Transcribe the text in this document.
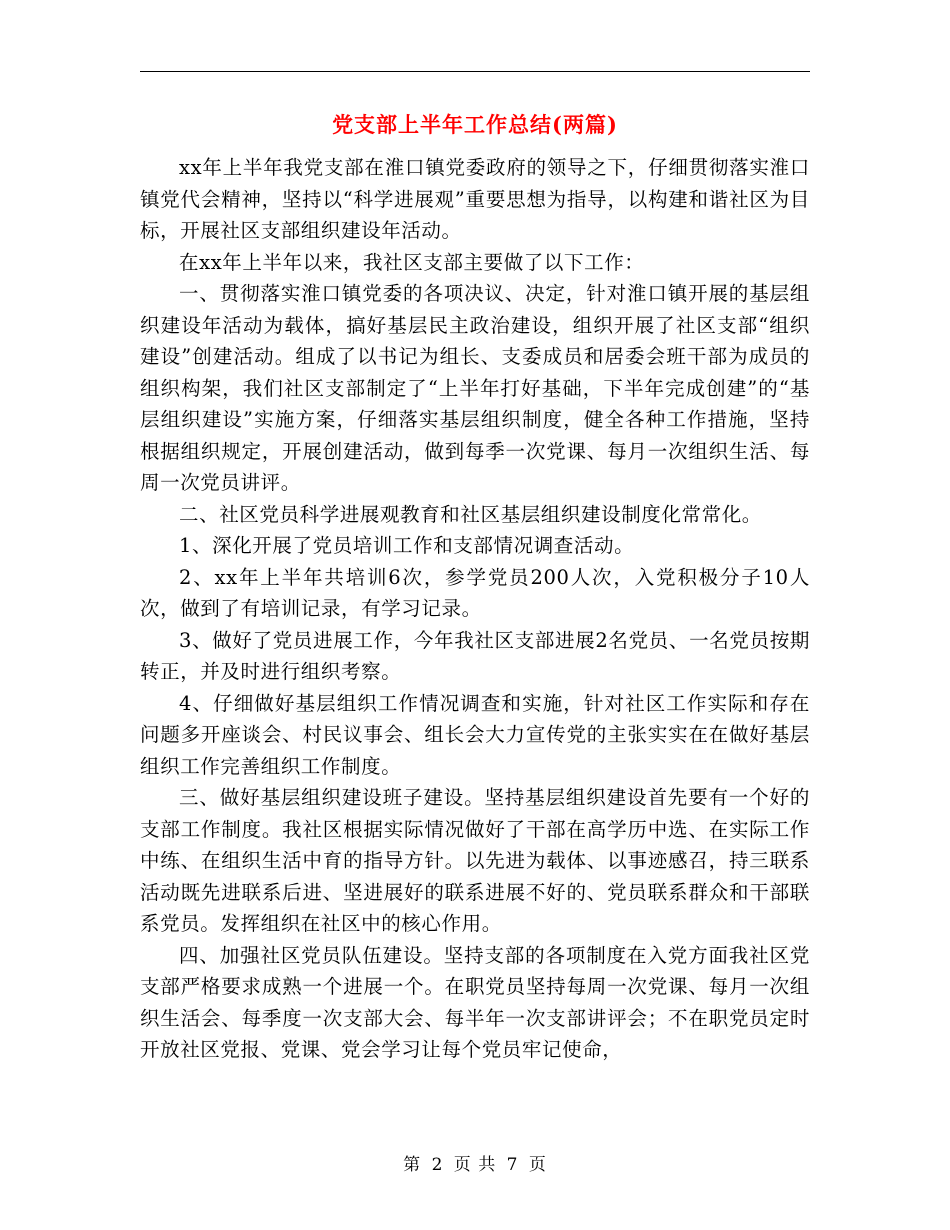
党支部上半年工作总结(两篇)

xx年上半年我党支部在淮口镇党委政府的领导之下，仔细贯彻落实淮口镇党代会精神，坚持以“科学进展观”重要思想为指导，以构建和谐社区为目标，开展社区支部组织建设年活动。

在xx年上半年以来，我社区支部主要做了以下工作：

一、贯彻落实淮口镇党委的各项决议、决定，针对淮口镇开展的基层组织建设年活动为载体，搞好基层民主政治建设，组织开展了社区支部“组织建设”创建活动。组成了以书记为组长、支委成员和居委会班干部为成员的组织构架，我们社区支部制定了“上半年打好基础，下半年完成创建”的“基层组织建设”实施方案，仔细落实基层组织制度，健全各种工作措施，坚持根据组织规定，开展创建活动，做到每季一次党课、每月一次组织生活、每周一次党员讲评。

二、社区党员科学进展观教育和社区基层组织建设制度化常常化。

1、深化开展了党员培训工作和支部情况调查活动。

2、xx年上半年共培训6次，参学党员200人次，入党积极分子10人次，做到了有培训记录，有学习记录。

3、做好了党员进展工作，今年我社区支部进展2名党员、一名党员按期转正，并及时进行组织考察。

4、仔细做好基层组织工作情况调查和实施，针对社区工作实际和存在问题多开座谈会、村民议事会、组长会大力宣传党的主张实实在在做好基层组织工作完善组织工作制度。

三、做好基层组织建设班子建设。坚持基层组织建设首先要有一个好的支部工作制度。我社区根据实际情况做好了干部在高学历中选、在实际工作中练、在组织生活中育的指导方针。以先进为载体、以事迹感召，持三联系活动既先进联系后进、坚进展好的联系进展不好的、党员联系群众和干部联系党员。发挥组织在社区中的核心作用。

四、加强社区党员队伍建设。坚持支部的各项制度在入党方面我社区党支部严格要求成熟一个进展一个。在职党员坚持每周一次党课、每月一次组织生活会、每季度一次支部大会、每半年一次支部讲评会；不在职党员定时开放社区党报、党课、党会学习让每个党员牢记使命，

第 2 页 共 7 页
